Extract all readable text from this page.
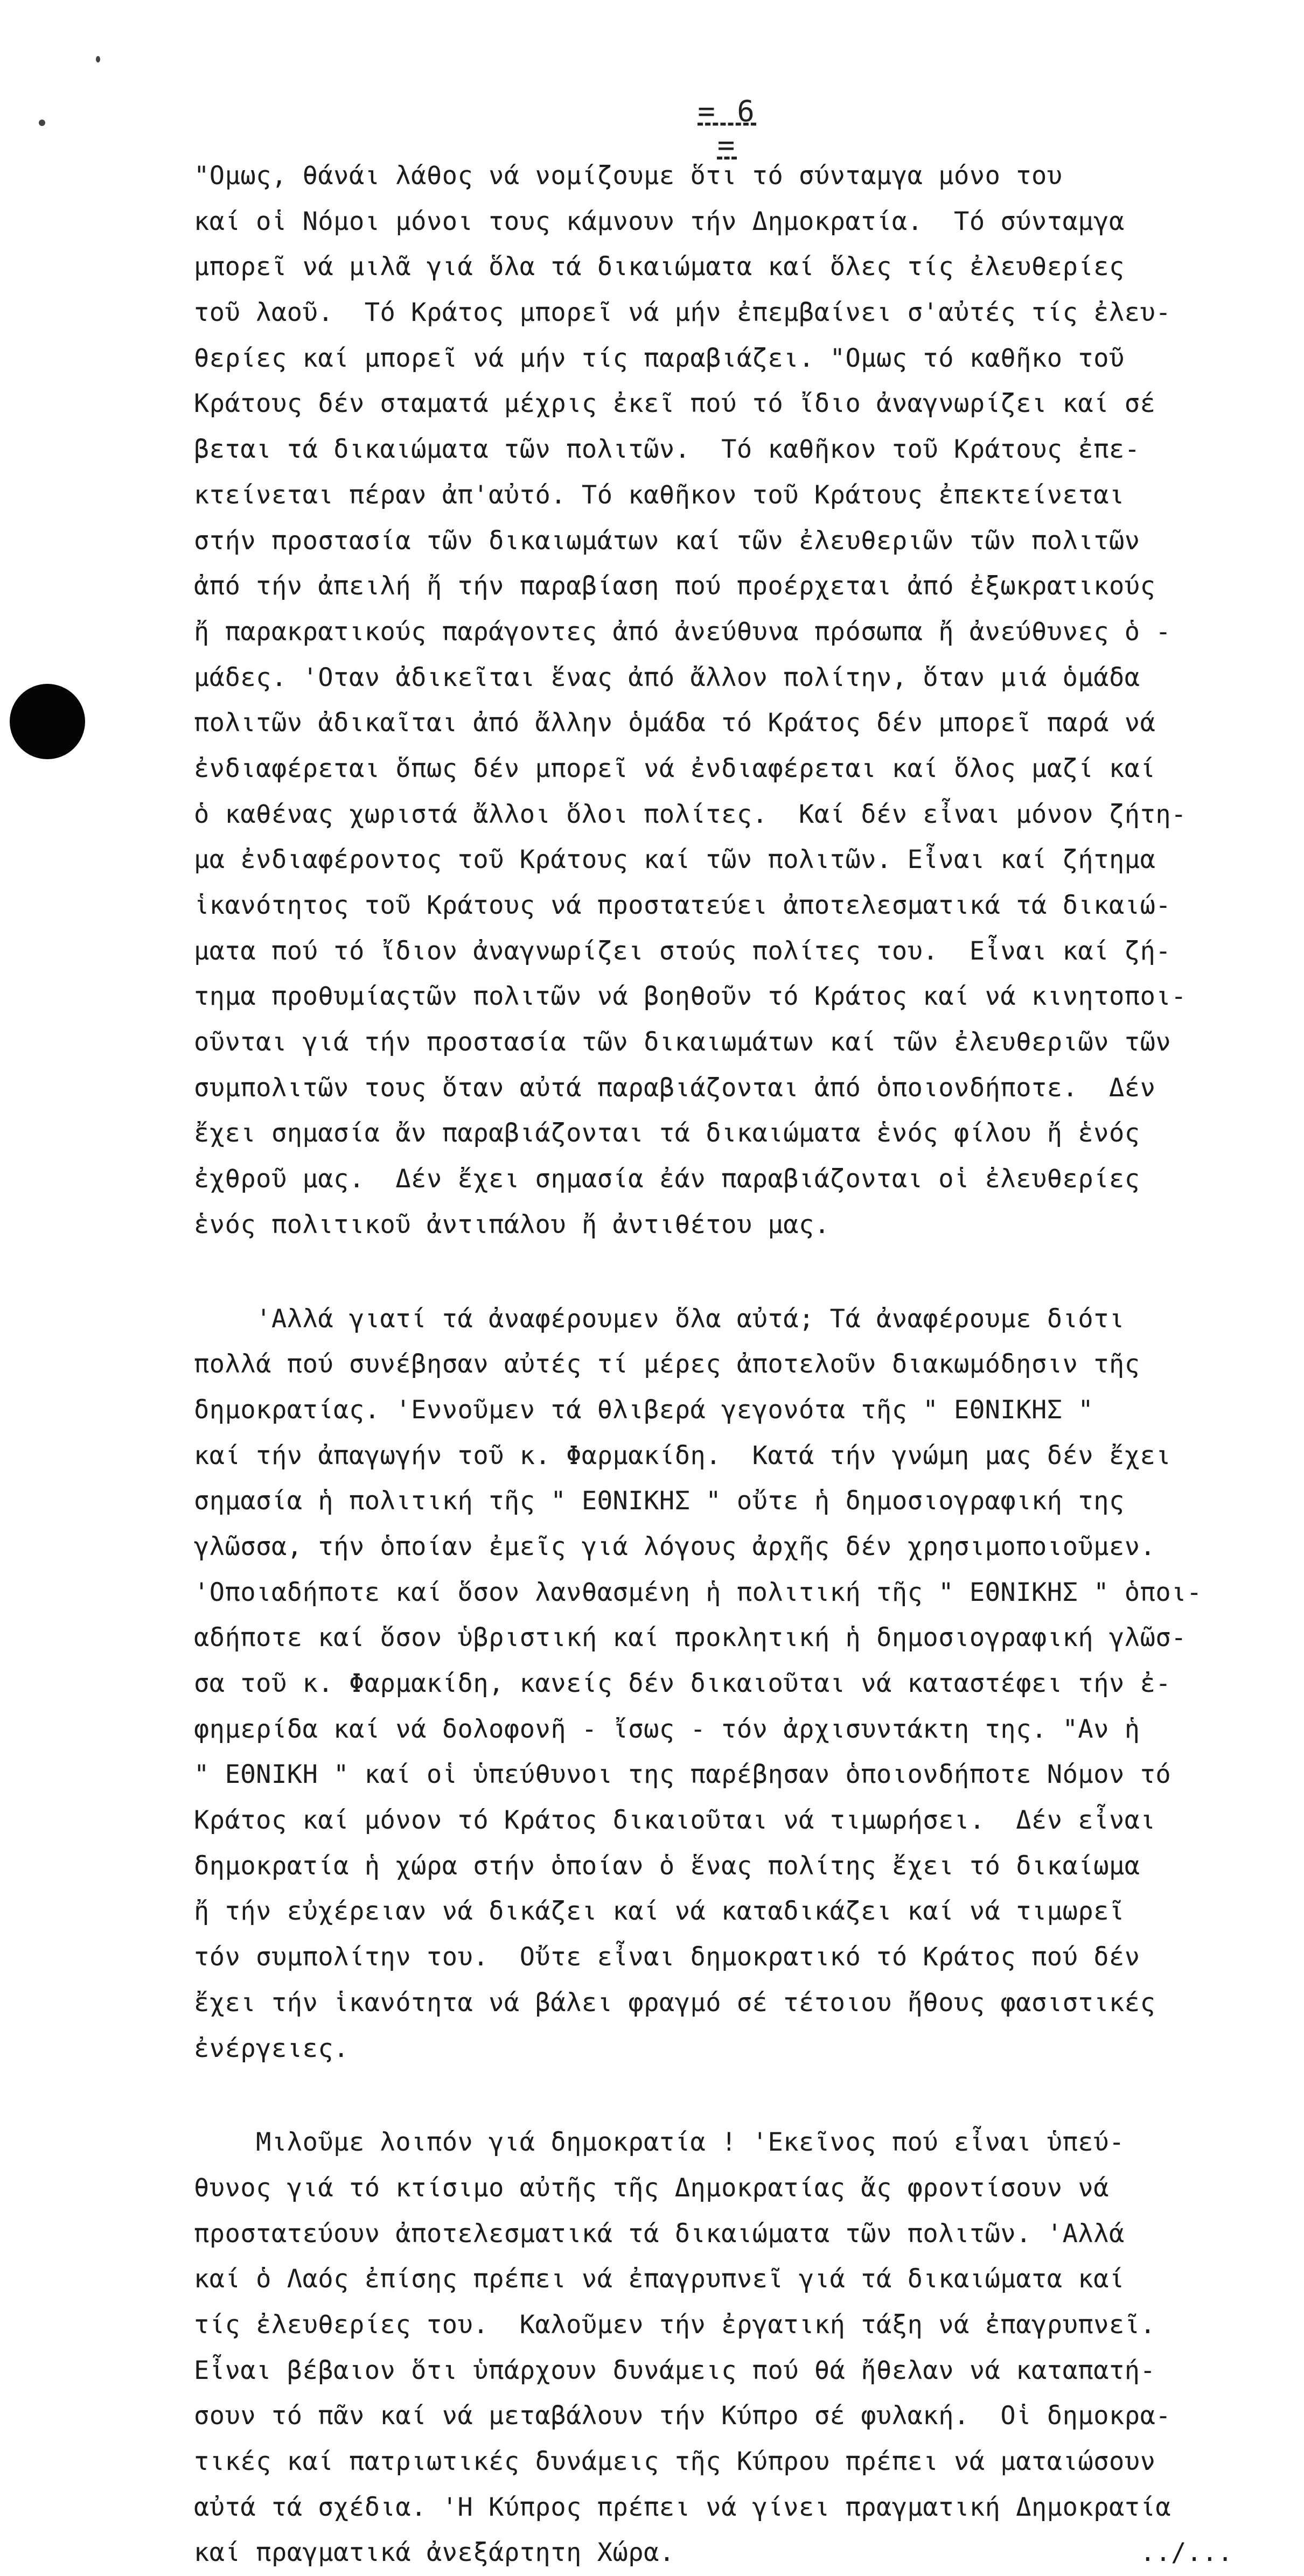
= 6 =
"Ομως, θάνάι λάθος νά νομίζουμε ὅτι τό σύνταμγα μόνο του
καί οἱ Νόμοι μόνοι τους κάμνουν τήν Δημοκρατία.  Τό σύνταμγα
μπορεῖ νά μιλᾶ γιά ὅλα τά δικαιώματα καί ὅλες τίς ἐλευθερίες
τοῦ λαοῦ.  Τό Κράτος μπορεῖ νά μήν ἐπεμβαίνει σ'αὐτές τίς ἐλευ-
θερίες καί μπορεῖ νά μήν τίς παραβιάζει. "Ομως τό καθῆκο τοῦ
Κράτους δέν σταματά μέχρις ἐκεῖ πού τό ἴδιο ἀναγνωρίζει καί σέ
βεται τά δικαιώματα τῶν πολιτῶν.  Τό καθῆκον τοῦ Κράτους ἐπε-
κτείνεται πέραν ἀπ'αὐτό. Τό καθῆκον τοῦ Κράτους ἐπεκτείνεται
στήν προστασία τῶν δικαιωμάτων καί τῶν ἐλευθεριῶν τῶν πολιτῶν
ἀπό τήν ἀπειλή ἤ τήν παραβίαση πού προέρχεται ἀπό ἐξωκρατικούς
ἤ παρακρατικούς παράγοντες ἀπό ἀνεύθυνα πρόσωπα ἤ ἀνεύθυνες ὁ -
μάδες. 'Οταν ἀδικεῖται ἕνας ἀπό ἄλλον πολίτην, ὅταν μιά ὁμάδα
πολιτῶν ἀδικαῖται ἀπό ἄλλην ὁμάδα τό Κράτος δέν μπορεῖ παρά νά
ἐνδιαφέρεται ὅπως δέν μπορεῖ νά ἐνδιαφέρεται καί ὅλος μαζί καί
ὁ καθένας χωριστά ἄλλοι ὅλοι πολίτες.  Καί δέν εἶναι μόνον ζήτη-
μα ἐνδιαφέροντος τοῦ Κράτους καί τῶν πολιτῶν. Εἶναι καί ζήτημα
ἱκανότητος τοῦ Κράτους νά προστατεύει ἀποτελεσματικά τά δικαιώ-
ματα πού τό ἴδιον ἀναγνωρίζει στούς πολίτες του.  Εἶναι καί ζή-
τημα προθυμίαςτῶν πολιτῶν νά βοηθοῦν τό Κράτος καί νά κινητοποι-
οῦνται γιά τήν προστασία τῶν δικαιωμάτων καί τῶν ἐλευθεριῶν τῶν
συμπολιτῶν τους ὅταν αὐτά παραβιάζονται ἀπό ὁποιονδήποτε.  Δέν
ἔχει σημασία ἄν παραβιάζονται τά δικαιώματα ἑνός φίλου ἤ ἑνός
ἐχθροῦ μας.  Δέν ἔχει σημασία ἐάν παραβιάζονται οἱ ἐλευθερίες
ἑνός πολιτικοῦ ἀντιπάλου ἤ ἀντιθέτου μας.
'Αλλά γιατί τά ἀναφέρουμεν ὅλα αὐτά; Τά ἀναφέρουμε διότι
πολλά πού συνέβησαν αὐτές τί μέρες ἀποτελοῦν διακωμόδησιν τῆς
δημοκρατίας. 'Εννοῦμεν τά θλιβερά γεγονότα τῆς " ΕΘΝΙΚΗΣ "
καί τήν ἀπαγωγήν τοῦ κ. Φαρμακίδη.  Κατά τήν γνώμη μας δέν ἔχει
σημασία ἡ πολιτική τῆς " ΕΘΝΙΚΗΣ " οὔτε ἡ δημοσιογραφική της
γλῶσσα, τήν ὁποίαν ἐμεῖς γιά λόγους ἀρχῆς δέν χρησιμοποιοῦμεν.
'Οποιαδήποτε καί ὅσον λανθασμένη ἡ πολιτική τῆς " ΕΘΝΙΚΗΣ " ὁποι-
αδήποτε καί ὅσον ὑβριστική καί προκλητική ἡ δημοσιογραφική γλῶσ-
σα τοῦ κ. Φαρμακίδη, κανείς δέν δικαιοῦται νά καταστέφει τήν ἐ-
φημερίδα καί νά δολοφονῆ - ἴσως - τόν ἀρχισυντάκτη της. "Αν ἡ
" ΕΘΝΙΚΗ " καί οἱ ὑπεύθυνοι της παρέβησαν ὁποιονδήποτε Νόμον τό
Κράτος καί μόνον τό Κράτος δικαιοῦται νά τιμωρήσει.  Δέν εἶναι
δημοκρατία ἡ χώρα στήν ὁποίαν ὁ ἕνας πολίτης ἔχει τό δικαίωμα
ἤ τήν εὐχέρειαν νά δικάζει καί νά καταδικάζει καί νά τιμωρεῖ
τόν συμπολίτην του.  Οὔτε εἶναι δημοκρατικό τό Κράτος πού δέν
ἔχει τήν ἱκανότητα νά βάλει φραγμό σέ τέτοιου ἤθους φασιστικές
ἐνέργειες.
Μιλοῦμε λοιπόν γιά δημοκρατία ! 'Εκεῖνος πού εἶναι ὑπεύ-
θυνος γιά τό κτίσιμο αὐτῆς τῆς Δημοκρατίας ἄς φροντίσουν νά
προστατεύουν ἀποτελεσματικά τά δικαιώματα τῶν πολιτῶν. 'Αλλά
καί ὁ Λαός ἐπίσης πρέπει νά ἐπαγρυπνεῖ γιά τά δικαιώματα καί
τίς ἐλευθερίες του.  Καλοῦμεν τήν ἐργατική τάξη νά ἐπαγρυπνεῖ.
Εἶναι βέβαιον ὅτι ὑπάρχουν δυνάμεις πού θά ἤθελαν νά καταπατή-
σουν τό πᾶν καί νά μεταβάλουν τήν Κύπρο σέ φυλακή.  Οἱ δημοκρα-
τικές καί πατριωτικές δυνάμεις τῆς Κύπρου πρέπει νά ματαιώσουν
αὐτά τά σχέδια. 'Η Κύπρος πρέπει νά γίνει πραγματική Δημοκρατία
καί πραγματικά ἀνεξάρτητη Χώρα.                              ../...
